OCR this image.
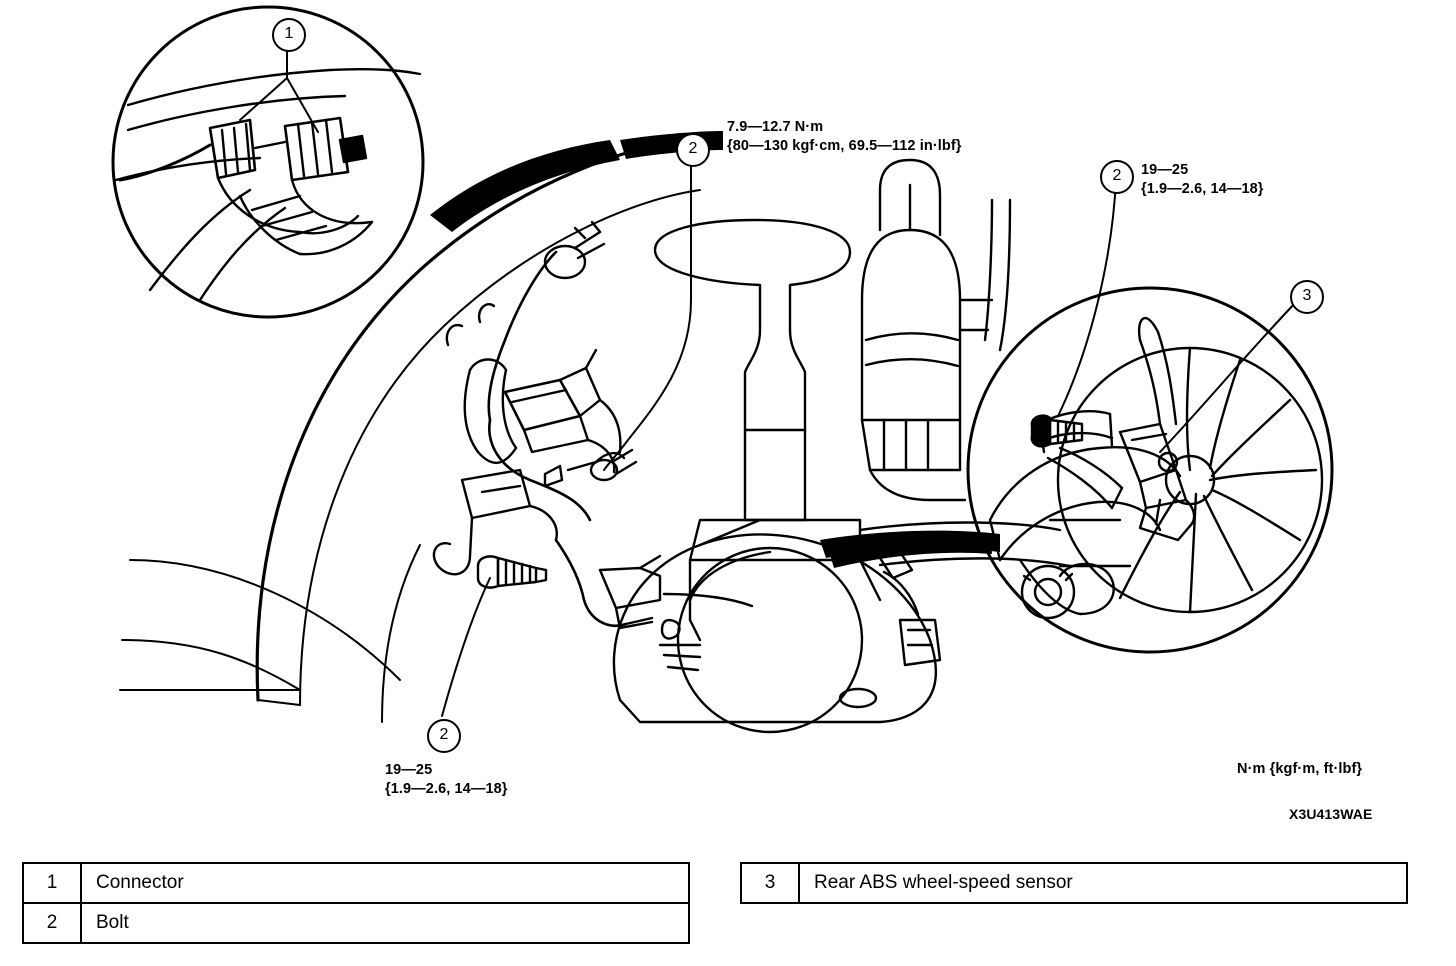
1
2
2
3
2
7.9—12.7 N·m
{80—130 kgf·cm, 69.5—112 in·lbf}
19—25
{1.9—2.6, 14—18}
19—25
{1.9—2.6, 14—18}
N·m {kgf·m, ft·lbf}
X3U413WAE
1	Connector
2	Bolt
3	Rear ABS wheel-speed sensor
